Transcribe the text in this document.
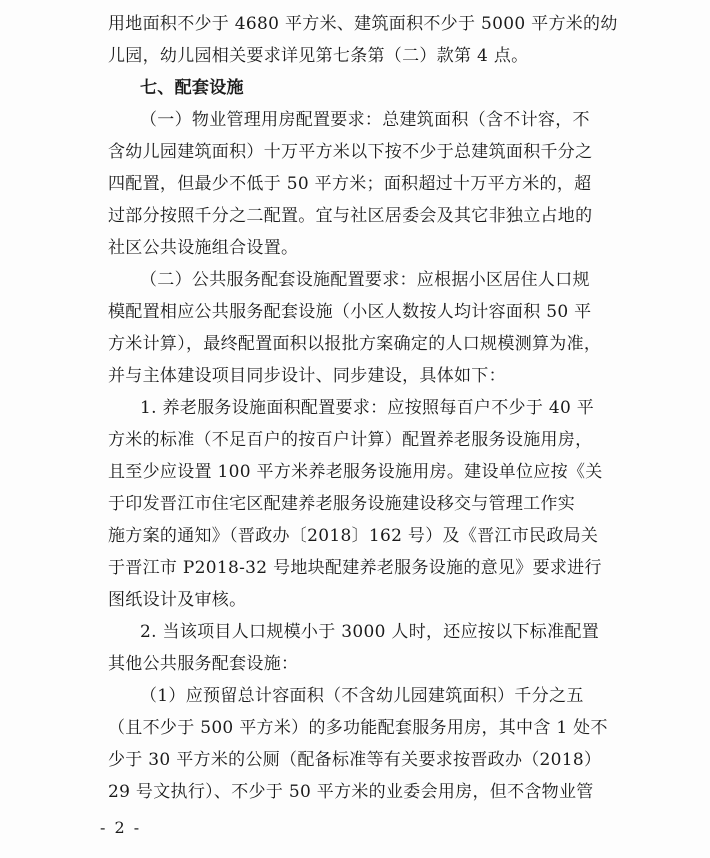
用地面积不少于 4680 平方米、建筑面积不少于 5000 平方米的幼
儿园，幼儿园相关要求详见第七条第（二）款第 4 点。
七、配套设施
（一）物业管理用房配置要求：总建筑面积（含不计容，不
含幼儿园建筑面积）十万平方米以下按不少于总建筑面积千分之
四配置，但最少不低于 50 平方米；面积超过十万平方米的，超
过部分按照千分之二配置。宜与社区居委会及其它非独立占地的
社区公共设施组合设置。
（二）公共服务配套设施配置要求：应根据小区居住人口规
模配置相应公共服务配套设施（小区人数按人均计容面积 50 平
方米计算），最终配置面积以报批方案确定的人口规模测算为准，
并与主体建设项目同步设计、同步建设，具体如下：
1. 养老服务设施面积配置要求：应按照每百户不少于 40 平
方米的标准（不足百户的按百户计算）配置养老服务设施用房，
且至少应设置 100 平方米养老服务设施用房。建设单位应按《关
于印发晋江市住宅区配建养老服务设施建设移交与管理工作实
施方案的通知》（晋政办〔2018〕162 号）及《晋江市民政局关
于晋江市 P2018-32 号地块配建养老服务设施的意见》要求进行
图纸设计及审核。
2. 当该项目人口规模小于 3000 人时，还应按以下标准配置
其他公共服务配套设施：
（1）应预留总计容面积（不含幼儿园建筑面积）千分之五
- 2 -
（且不少于 500 平方米）的多功能配套服务用房，其中含 1 处不
少于 30 平方米的公厕（配备标准等有关要求按晋政办（2018）
29 号文执行）、不少于 50 平方米的业委会用房，但不含物业管
